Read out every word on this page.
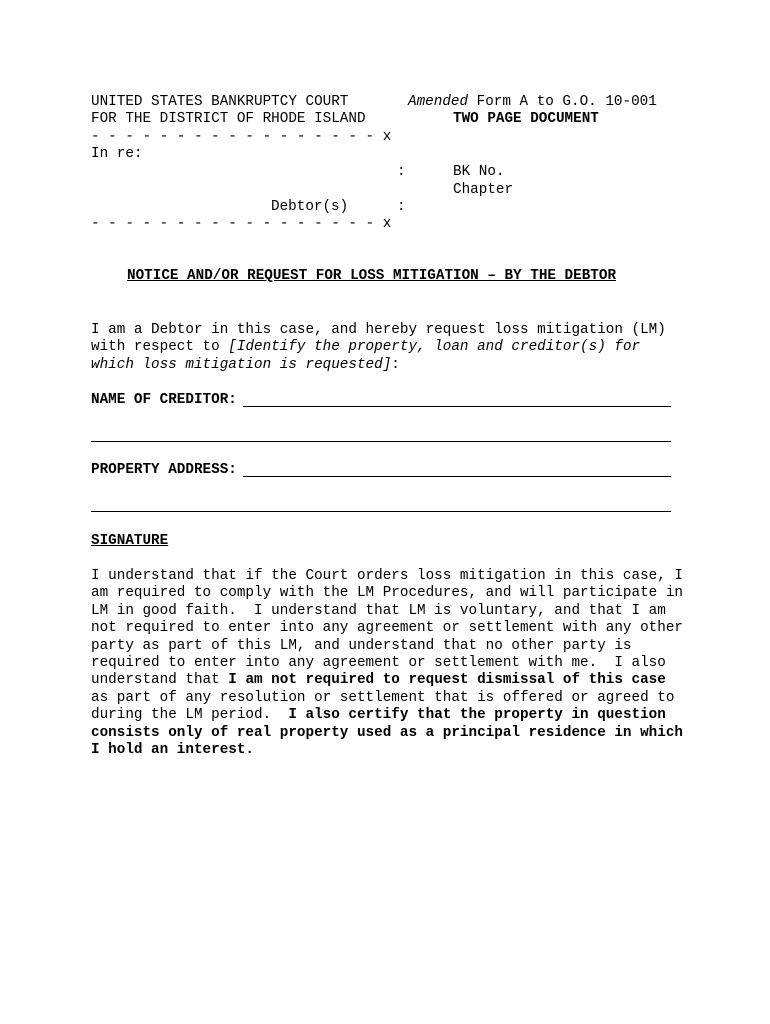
UNITED STATES BANKRUPTCY COURT
FOR THE DISTRICT OF RHODE ISLAND
Amended Form A to G.O. 10-001
TWO PAGE DOCUMENT
- - - - - - - - - - - - - - - - - x
In re:
:	BK No.
Chapter
Debtor(s)	:
- - - - - - - - - - - - - - - - - x
NOTICE AND/OR REQUEST FOR LOSS MITIGATION – BY THE DEBTOR
I am a Debtor in this case, and hereby request loss mitigation (LM) with respect to [Identify the property, loan and creditor(s) for which loss mitigation is requested]:
NAME OF CREDITOR:
PROPERTY ADDRESS:
SIGNATURE
I understand that if the Court orders loss mitigation in this case, I am required to comply with the LM Procedures, and will participate in LM in good faith.  I understand that LM is voluntary, and that I am not required to enter into any agreement or settlement with any other party as part of this LM, and understand that no other party is required to enter into any agreement or settlement with me.  I also understand that I am not required to request dismissal of this case as part of any resolution or settlement that is offered or agreed to during the LM period.  I also certify that the property in question consists only of real property used as a principal residence in which I hold an interest.
